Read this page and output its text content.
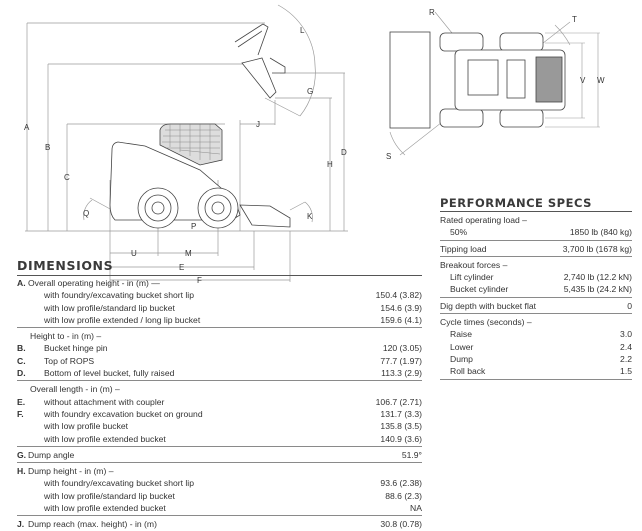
A
B
C
D
H
J
L
G
K
Q
P
U	M
E
F
R
S
T
V W
DIMENSIONS
A. Overall operating height - in (m) —
with foundry/excavating bucket short lip	150.4 (3.82)
with low profile/standard lip bucket	154.6 (3.9)
with low profile extended / long lip bucket	159.6 (4.1)
Height to - in (m) –
B. Bucket hinge pin	120 (3.05)
C. Top of ROPS	77.7 (1.97)
D. Bottom of level bucket, fully raised	113.3 (2.9)
Overall length - in (m) –
E. without attachment with coupler	106.7 (2.71)
F. with foundry excavation bucket on ground	131.7 (3.3)
with low profile bucket	135.8 (3.5)
with low profile extended bucket	140.9 (3.6)
G. Dump angle	51.9°
H. Dump height - in (m) –
with foundry/excavating bucket short lip	93.6 (2.38)
with low profile/standard lip bucket	88.6 (2.3)
with low profile extended bucket	NA
J. Dump reach (max. height) - in (m)	30.8 (0.78)
PERFORMANCE SPECS
Rated operating load –
50%	1850 lb (840 kg)
Tipping load	3,700 lb (1678 kg)
Breakout forces –
Lift cylinder	2,740 lb (12.2 kN)
Bucket cylinder	5,435 lb (24.2 kN)
Dig depth with bucket flat	0
Cycle times (seconds) –
Raise	3.0
Lower	2.4
Dump	2.2
Roll back	1.5
